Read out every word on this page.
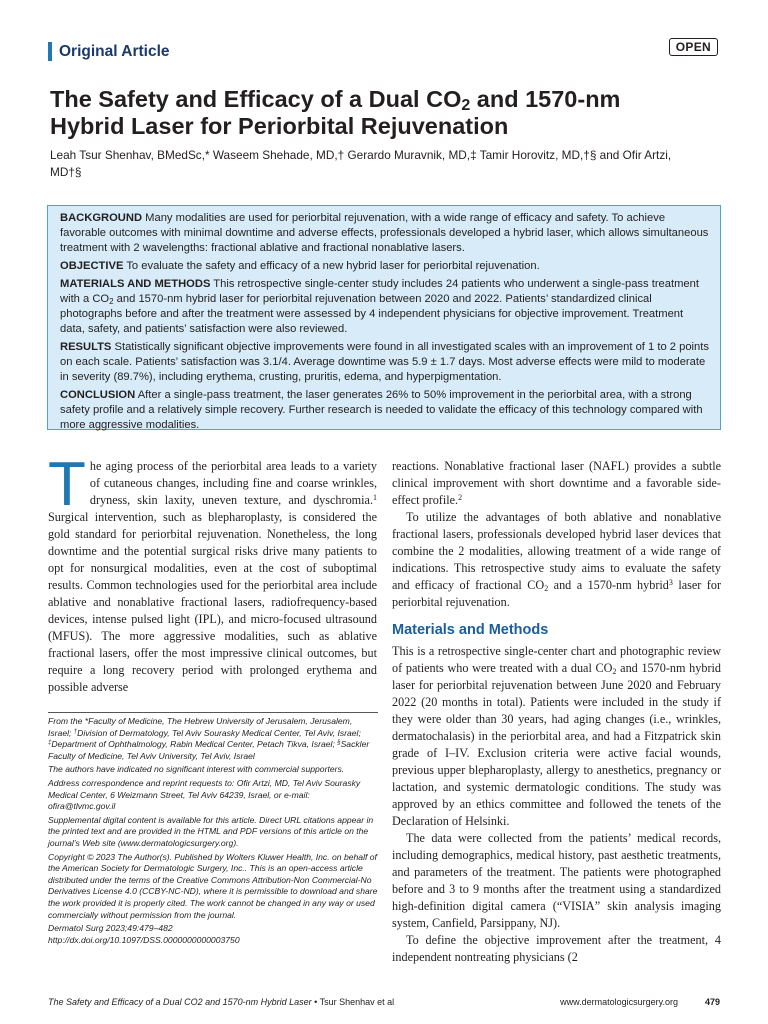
Original Article	OPEN
The Safety and Efficacy of a Dual $CO_2$ and 1570-nm
Hybrid Laser for Periorbital Rejuvenation
Leah Tsur Shenhav, BMedSc,* Waseem Shehade, MD,† Gerardo Muravnik, MD,‡ Tamir Horovitz, MD,†§ and Ofir Artzi, MD†§

BACKGROUND Many modalities are used for periorbital rejuvenation, with a wide range of efficacy and safety. To achieve favorable outcomes with minimal downtime and adverse effects, professionals developed a hybrid laser, which allows simultaneous treatment with 2 wavelengths: fractional ablative and fractional nonablative lasers.

OBJECTIVE To evaluate the safety and efficacy of a new hybrid laser for periorbital rejuvenation.

MATERIALS AND METHODS This retrospective single-center study includes 24 patients who underwent a single-pass treatment with a $CO_2$ and 1570-nm hybrid laser for periorbital rejuvenation between 2020 and 2022. Patients’ standardized clinical photographs before and after the treatment were assessed by 4 independent physicians for objective improvement. Treatment data, safety, and patients’ satisfaction were also reviewed.

RESULTS Statistically significant objective improvements were found in all investigated scales with an improvement of 1 to 2 points on each scale. Patients’ satisfaction was 3.1/4. Average downtime was 5.9 ± 1.7 days. Most adverse effects were mild to moderate in severity (89.7%), including erythema, crusting, pruritis, edema, and hyperpigmentation.

CONCLUSION After a single-pass treatment, the laser generates 26% to 50% improvement in the periorbital area, with a strong safety profile and a relatively simple recovery. Further research is needed to validate the efficacy of this technology compared with more aggressive modalities.

The aging process of the periorbital area leads to a variety of cutaneous changes, including fine and coarse wrinkles, dryness, skin laxity, uneven texture, and dyschromia.$^1$ Surgical intervention, such as blepharoplasty, is considered the gold standard for periorbital rejuvenation. Nonetheless, the long downtime and the potential surgical risks drive many patients to opt for nonsurgical modalities, even at the cost of suboptimal results. Common technologies used for the periorbital area include ablative and nonablative fractional lasers, radiofrequency-based devices, intense pulsed light (IPL), and micro-focused ultrasound (MFUS). The more aggressive modalities, such as ablative fractional lasers, offer the most impressive clinical outcomes, but require a long recovery period with prolonged erythema and possible adverse

From the *Faculty of Medicine, The Hebrew University of Jerusalem, Jerusalem, Israel; †Division of Dermatology, Tel Aviv Sourasky Medical Center, Tel Aviv, Israel; ‡Department of Ophthalmology, Rabin Medical Center, Petach Tikva, Israel; §Sackler Faculty of Medicine, Tel Aviv University, Tel Aviv, Israel

The authors have indicated no significant interest with commercial supporters.

Address correspondence and reprint requests to: Ofir Artzi, MD, Tel Aviv Sourasky Medical Center, 6 Weizmann Street, Tel Aviv 64239, Israel, or e-mail: ofira@tlvmc.gov.il

Supplemental digital content is available for this article. Direct URL citations appear in the printed text and are provided in the HTML and PDF versions of this article on the journal’s Web site (www.dermatologicsurgery.org).

Copyright © 2023 The Author(s). Published by Wolters Kluwer Health, Inc. on behalf of the American Society for Dermatologic Surgery, Inc.. This is an open-access article distributed under the terms of the Creative Commons Attribution-Non Commercial-No Derivatives License 4.0 (CCBY-NC-ND), where it is permissible to download and share the work provided it is properly cited. The work cannot be changed in any way or used commercially without permission from the journal.

Dermatol Surg 2023;49:479–482

http://dx.doi.org/10.1097/DSS.0000000000003750

reactions. Nonablative fractional laser (NAFL) provides a subtle clinical improvement with short downtime and a favorable side-effect profile.$^2$

To utilize the advantages of both ablative and nonablative fractional lasers, professionals developed hybrid laser devices that combine the 2 modalities, allowing treatment of a wide range of indications. This retrospective study aims to evaluate the safety and efficacy of fractional $CO_2$ and a 1570-nm hybrid$^3$ laser for periorbital rejuvenation.

Materials and Methods

This is a retrospective single-center chart and photographic review of patients who were treated with a dual $CO_2$ and 1570-nm hybrid laser for periorbital rejuvenation between June 2020 and February 2022 (20 months in total). Patients were included in the study if they were older than 30 years, had aging changes (i.e., wrinkles, dermatochalasis) in the periorbital area, and had a Fitzpatrick skin grade of I–IV. Exclusion criteria were active facial wounds, previous upper blepharoplasty, allergy to anesthetics, pregnancy or lactation, and systemic dermatologic conditions. The study was approved by an ethics committee and followed the tenets of the Declaration of Helsinki.

The data were collected from the patients’ medical records, including demographics, medical history, past aesthetic treatments, and parameters of the treatment. The patients were photographed before and 3 to 9 months after the treatment using a standardized high-definition digital camera (“VISIA” skin analysis imaging system, Canfield, Parsippany, NJ).

To define the objective improvement after the treatment, 4 independent nontreating physicians (2

The Safety and Efficacy of a Dual CO2 and 1570-nm Hybrid Laser • Tsur Shenhav et al	www.dermatologicsurgery.org	479
